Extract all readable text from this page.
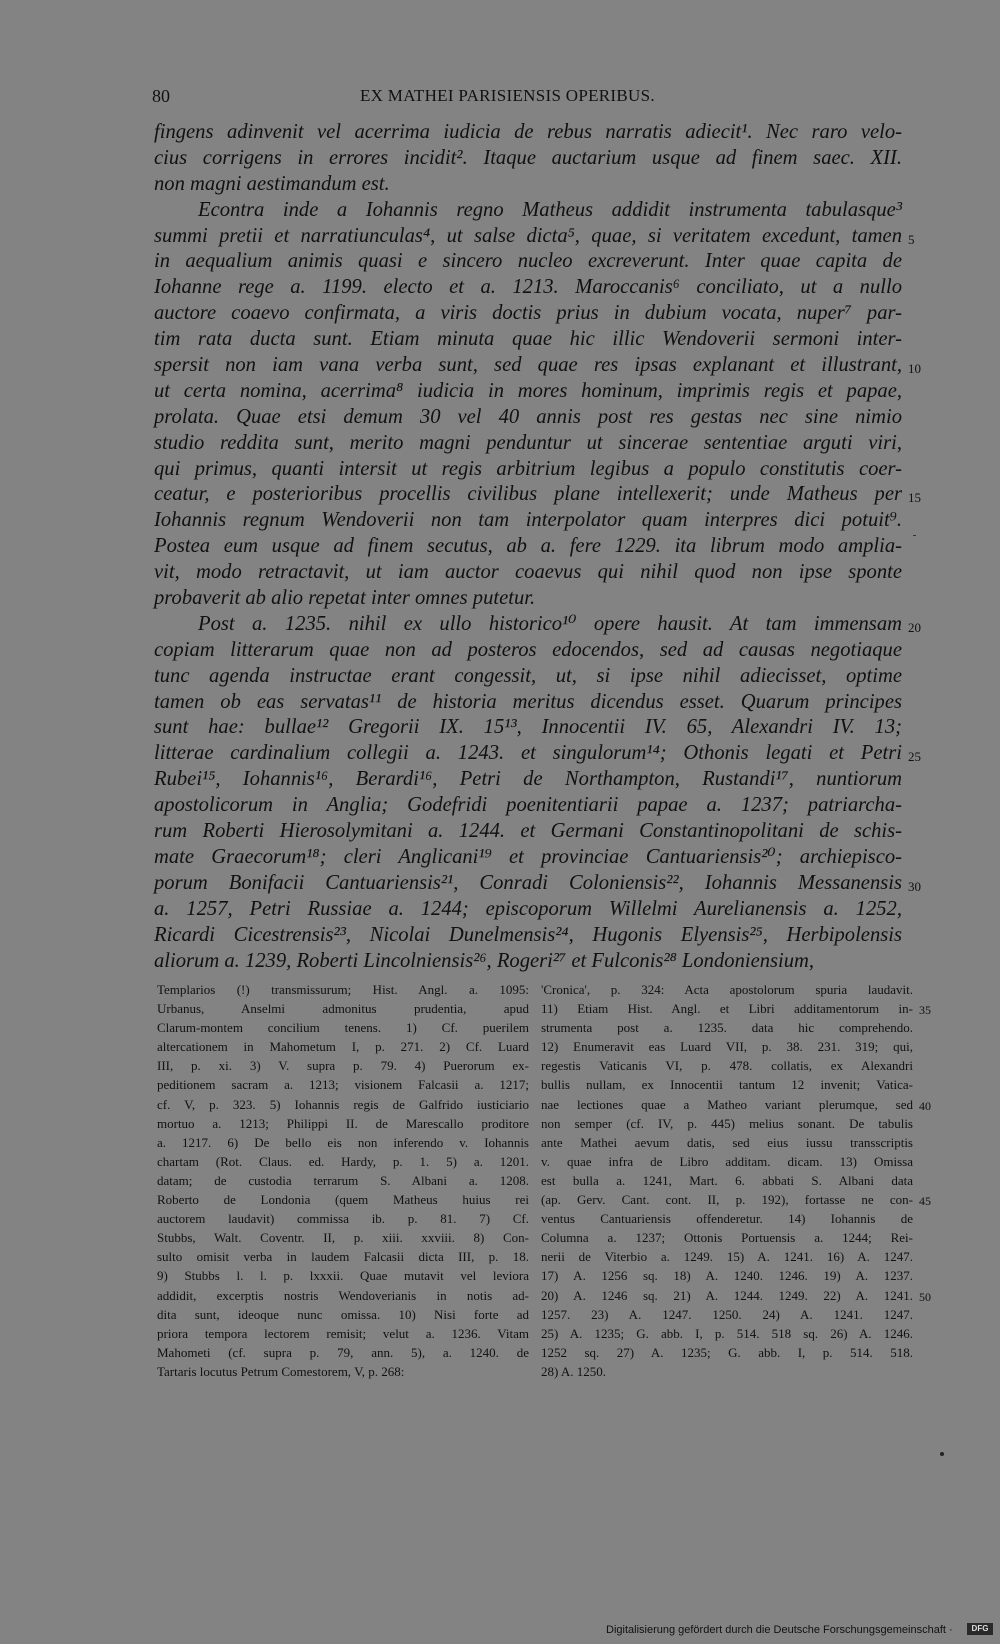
80	EX MATHEI PARISIENSIS OPERIBUS.
fingens adinvenit vel acerrima iudicia de rebus narratis adiecit¹. Nec raro velo-
cius corrigens in errores incidit². Itaque auctarium usque ad finem saec. XII.
non magni aestimandum est.
Econtra inde a Iohannis regno Matheus addidit instrumenta tabulasque³
summi pretii et narratiunculas⁴, ut salse dicta⁵, quae, si veritatem excedunt, tamen 5
in aequalium animis quasi e sincero nucleo excreverunt. Inter quae capita de
Iohanne rege a. 1199. electo et a. 1213. Maroccanis⁶ conciliato, ut a nullo
auctore coaevo confirmata, a viris doctis prius in dubium vocata, nuper⁷ par-
tim rata ducta sunt. Etiam minuta quae hic illic Wendoverii sermoni inter-
spersit non iam vana verba sunt, sed quae res ipsas explanant et illustrant, 10
ut certa nomina, acerrima⁸ iudicia in mores hominum, imprimis regis et papae,
prolata. Quae etsi demum 30 vel 40 annis post res gestas nec sine nimio
studio reddita sunt, merito magni penduntur ut sincerae sententiae arguti viri,
qui primus, quanti intersit ut regis arbitrium legibus a populo constitutis coer-
ceatur, e posterioribus procellis civilibus plane intellexerit; unde Matheus per 15
Iohannis regnum Wendoverii non tam interpolator quam interpres dici potuit⁹.
Postea eum usque ad finem secutus, ab a. fere 1229. ita librum modo amplia-
vit, modo retractavit, ut iam auctor coaevus qui nihil quod non ipse sponte
probaverit ab alio repetat inter omnes putetur.
Post a. 1235. nihil ex ullo historico¹⁰ opere hausit. At tam immensam 20
copiam litterarum quae non ad posteros edocendos, sed ad causas negotiaque
tunc agenda instructae erant congessit, ut, si ipse nihil adiecisset, optime
tamen ob eas servatas¹¹ de historia meritus dicendus esset. Quarum principes
sunt hae: bullae¹² Gregorii IX. 15¹³, Innocentii IV. 65, Alexandri IV. 13;
litterae cardinalium collegii a. 1243. et singulorum¹⁴; Othonis legati et Petri 25
Rubei¹⁵, Iohannis¹⁶, Berardi¹⁶, Petri de Northampton, Rustandi¹⁷, nuntiorum
apostolicorum in Anglia; Godefridi poenitentiarii papae a. 1237; patriarcha-
rum Roberti Hierosolymitani a. 1244. et Germani Constantinopolitani de schis-
mate Graecorum¹⁸; cleri Anglicani¹⁹ et provinciae Cantuariensis²⁰; archiepisco-
porum Bonifacii Cantuariensis²¹, Conradi Coloniensis²², Iohannis Messanensis 30
a. 1257, Petri Russiae a. 1244; episcoporum Willelmi Aurelianensis a. 1252,
Ricardi Cicestrensis²³, Nicolai Dunelmensis²⁴, Hugonis Elyensis²⁵, Herbipolensis
aliorum a. 1239, Roberti Lincolniensis²⁶, Rogeri²⁷ et Fulconis²⁸ Londoniensium,
Templarios (!) transmissurum; Hist. Angl. a. 1095:
Urbanus, Anselmi admonitus prudentia, apud
Clarum-montem concilium tenens. 1) Cf. puerilem
altercationem in Mahometum I, p. 271. 2) Cf. Luard
III, p. xi. 3) V. supra p. 79. 4) Puerorum ex-
peditionem sacram a. 1213; visionem Falcasii a. 1217;
cf. V, p. 323. 5) Iohannis regis de Galfrido iusticiario
mortuo a. 1213; Philippi II. de Marescallo proditore
a. 1217. 6) De bello eis non inferendo v. Iohannis
chartam (Rot. Claus. ed. Hardy, p. 1. 5) a. 1201.
datam; de custodia terrarum S. Albani a. 1208.
Roberto de Londonia (quem Matheus huius rei
auctorem laudavit) commissa ib. p. 81. 7) Cf.
Stubbs, Walt. Coventr. II, p. xiii. xxviii. 8) Con-
sulto omisit verba in laudem Falcasii dicta III, p. 18.
9) Stubbs l. l. p. lxxxii. Quae mutavit vel leviora
addidit, excerptis nostris Wendoverianis in notis ad-
dita sunt, ideoque nunc omissa. 10) Nisi forte ad
priora tempora lectorem remisit; velut a. 1236. Vitam
Mahometi (cf. supra p. 79, ann. 5), a. 1240. de
Tartaris locutus Petrum Comestorem, V, p. 268:
'Cronica', p. 324: Acta apostolorum spuria laudavit.
11) Etiam Hist. Angl. et Libri additamentorum in- 35
strumenta post a. 1235. data hic comprehendo.
12) Enumeravit eas Luard VII, p. 38. 231. 319; qui,
regestis Vaticanis VI, p. 478. collatis, ex Alexandri
bullis nullam, ex Innocentii tantum 12 invenit; Vatica-
nae lectiones quae a Matheo variant plerumque, sed 40
non semper (cf. IV, p. 445) melius sonant. De tabulis
ante Mathei aevum datis, sed eius iussu transscriptis
v. quae infra de Libro additam. dicam. 13) Omissa
est bulla a. 1241, Mart. 6. abbati S. Albani data
(ap. Gerv. Cant. cont. II, p. 192), fortasse ne con- 45
ventus Cantuariensis offenderetur. 14) Iohannis de
Columna a. 1237; Ottonis Portuensis a. 1244; Rei-
nerii de Viterbio a. 1249. 15) A. 1241. 16) A. 1247.
17) A. 1256 sq. 18) A. 1240. 1246. 19) A. 1237.
20) A. 1246 sq. 21) A. 1244. 1249. 22) A. 1241. 50
1257. 23) A. 1247. 1250. 24) A. 1241. 1247.
25) A. 1235; G. abb. I, p. 514. 518 sq. 26) A. 1246.
1252 sq. 27) A. 1235; G. abb. I, p. 514. 518.
28) A. 1250.
Digitalisierung gefördert durch die Deutsche Forschungsgemeinschaft ·	DFG
